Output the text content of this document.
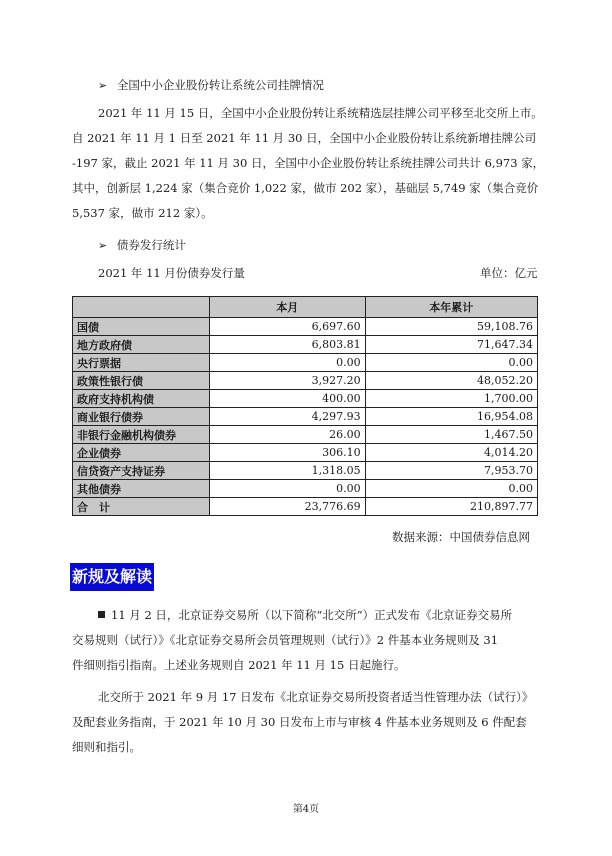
➢ 全国中小企业股份转让系统公司挂牌情况
2021 年 11 月 15 日，全国中小企业股份转让系统精选层挂牌公司平移至北交所上市。
自 2021 年 11 月 1 日至 2021 年 11 月 30 日，全国中小企业股份转让系统新增挂牌公司
-197 家，截止 2021 年 11 月 30 日，全国中小企业股份转让系统挂牌公司共计 6,973 家，
其中，创新层 1,224 家（集合竞价 1,022 家，做市 202 家），基础层 5,749 家（集合竞价
5,537 家，做市 212 家）。
➢ 债券发行统计
2021 年 11 月份债券发行量	单位：亿元
	本月	本年累计
国债	6,697.60	59,108.76
地方政府债	6,803.81	71,647.34
央行票据	0.00	0.00
政策性银行债	3,927.20	48,052.20
政府支持机构债	400.00	1,700.00
商业银行债券	4,297.93	16,954.08
非银行金融机构债券	26.00	1,467.50
企业债券	306.10	4,014.20
信贷资产支持证券	1,318.05	7,953.70
其他债券	0.00	0.00
合　计	23,776.69	210,897.77
数据来源：中国债券信息网
新规及解读
11 月 2 日，北京证券交易所（以下简称“北交所”）正式发布《北京证券交易所
交易规则（试行）》《北京证券交易所会员管理规则（试行）》2 件基本业务规则及 31
件细则指引指南。上述业务规则自 2021 年 11 月 15 日起施行。
北交所于 2021 年 9 月 17 日发布《北京证券交易所投资者适当性管理办法（试行）》
及配套业务指南，于 2021 年 10 月 30 日发布上市与审核 4 件基本业务规则及 6 件配套
细则和指引。
第4页
